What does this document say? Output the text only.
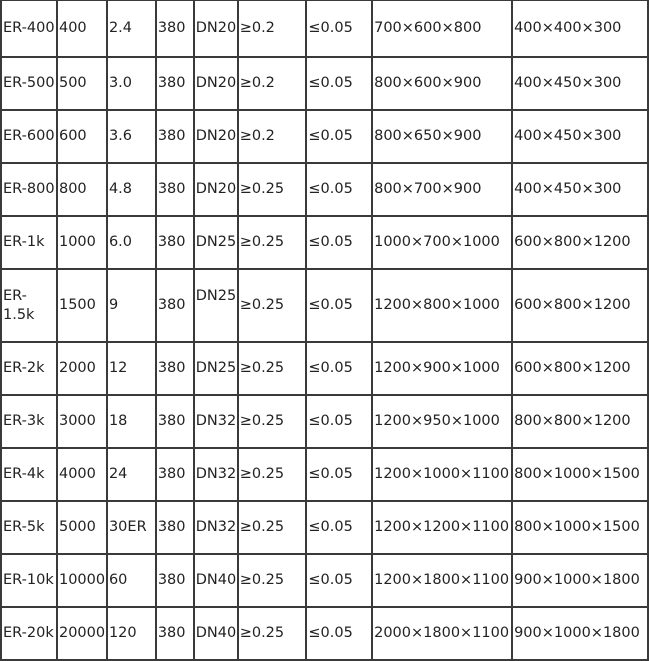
ER-400	400	2.4	380	DN20	≥0.2	≤0.05	700×600×800	400×400×300
ER-500	500	3.0	380	DN20	≥0.2	≤0.05	800×600×900	400×450×300
ER-600	600	3.6	380	DN20	≥0.2	≤0.05	800×650×900	400×450×300
ER-800	800	4.8	380	DN20	≥0.25	≤0.05	800×700×900	400×450×300
ER-1k	1000	6.0	380	DN25	≥0.25	≤0.05	1000×700×1000	600×800×1200
ER-1.5k	1500	9	380	DN25	≥0.25	≤0.05	1200×800×1000	600×800×1200
ER-2k	2000	12	380	DN25	≥0.25	≤0.05	1200×900×1000	600×800×1200
ER-3k	3000	18	380	DN32	≥0.25	≤0.05	1200×950×1000	800×800×1200
ER-4k	4000	24	380	DN32	≥0.25	≤0.05	1200×1000×1100	800×1000×1500
ER-5k	5000	30ER	380	DN32	≥0.25	≤0.05	1200×1200×1100	800×1000×1500
ER-10k	10000	60	380	DN40	≥0.25	≤0.05	1200×1800×1100	900×1000×1800
ER-20k	20000	120	380	DN40	≥0.25	≤0.05	2000×1800×1100	900×1000×1800
